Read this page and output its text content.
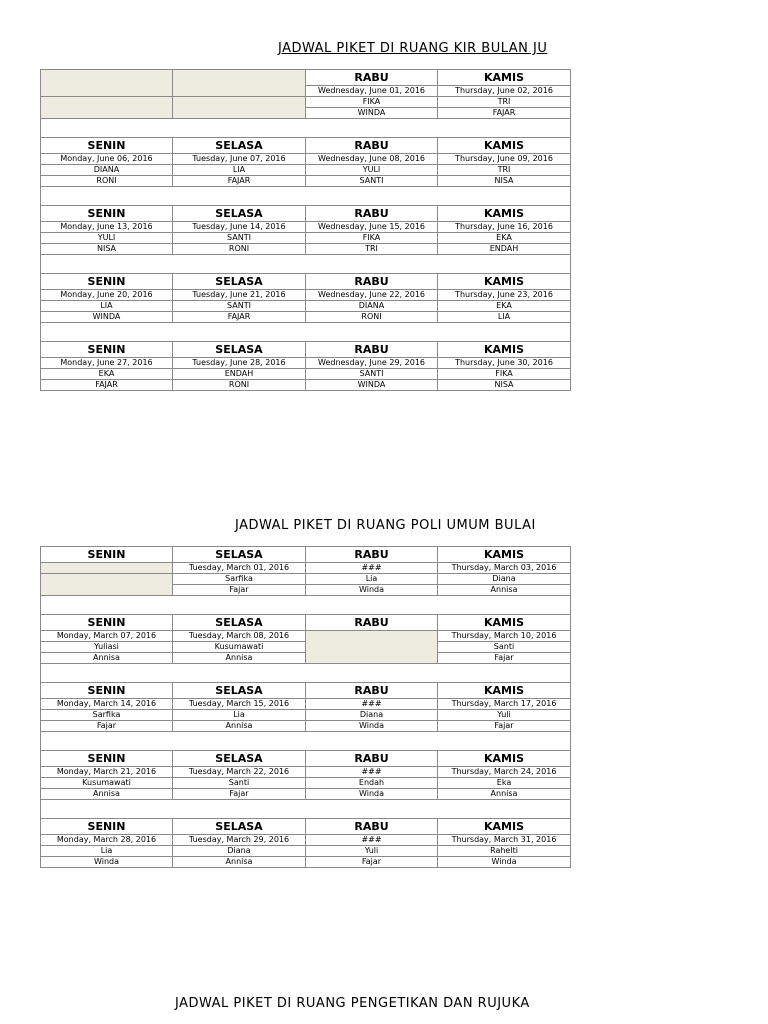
JADWAL PIKET DI RUANG KIR BULAN JU
		RABU	KAMIS
		Wednesday, June 01, 2016	Thursday, June 02, 2016
		FIKA	TRI
		WINDA	FAJAR

SENIN	SELASA	RABU	KAMIS
Monday, June 06, 2016	Tuesday, June 07, 2016	Wednesday, June 08, 2016	Thursday, June 09, 2016
DIANA	LIA	YULI	TRI
RONI	FAJAR	SANTI	NISA

SENIN	SELASA	RABU	KAMIS
Monday, June 13, 2016	Tuesday, June 14, 2016	Wednesday, June 15, 2016	Thursday, June 16, 2016
YULI	SANTI	FIKA	EKA
NISA	RONI	TRI	ENDAH

SENIN	SELASA	RABU	KAMIS
Monday, June 20, 2016	Tuesday, June 21, 2016	Wednesday, June 22, 2016	Thursday, June 23, 2016
LIA	SANTI	DIANA	EKA
WINDA	FAJAR	RONI	LIA

SENIN	SELASA	RABU	KAMIS
Monday, June 27, 2016	Tuesday, June 28, 2016	Wednesday, June 29, 2016	Thursday, June 30, 2016
EKA	ENDAH	SANTI	FIKA
FAJAR	RONI	WINDA	NISA
JADWAL PIKET DI RUANG POLI UMUM BULAI
SENIN	SELASA	RABU	KAMIS
	Tuesday, March 01, 2016	###	Thursday, March 03, 2016
	Sarfika	Lia	Diana
	Fajar	Winda	Annisa

SENIN	SELASA	RABU	KAMIS
Monday, March 07, 2016	Tuesday, March 08, 2016		Thursday, March 10, 2016
Yuliasi	Kusumawati		Santi
Annisa	Annisa		Fajar

SENIN	SELASA	RABU	KAMIS
Monday, March 14, 2016	Tuesday, March 15, 2016	###	Thursday, March 17, 2016
Sarfika	Lia	Diana	Yuli
Fajar	Annisa	Winda	Fajar

SENIN	SELASA	RABU	KAMIS
Monday, March 21, 2016	Tuesday, March 22, 2016	###	Thursday, March 24, 2016
Kusumawati	Santi	Endah	Eka
Annisa	Fajar	Winda	Annisa

SENIN	SELASA	RABU	KAMIS
Monday, March 28, 2016	Tuesday, March 29, 2016	###	Thursday, March 31, 2016
Lia	Diana	Yuli	Rahelti
Winda	Annisa	Fajar	Winda
JADWAL PIKET DI RUANG PENGETIKAN DAN RUJUKA
